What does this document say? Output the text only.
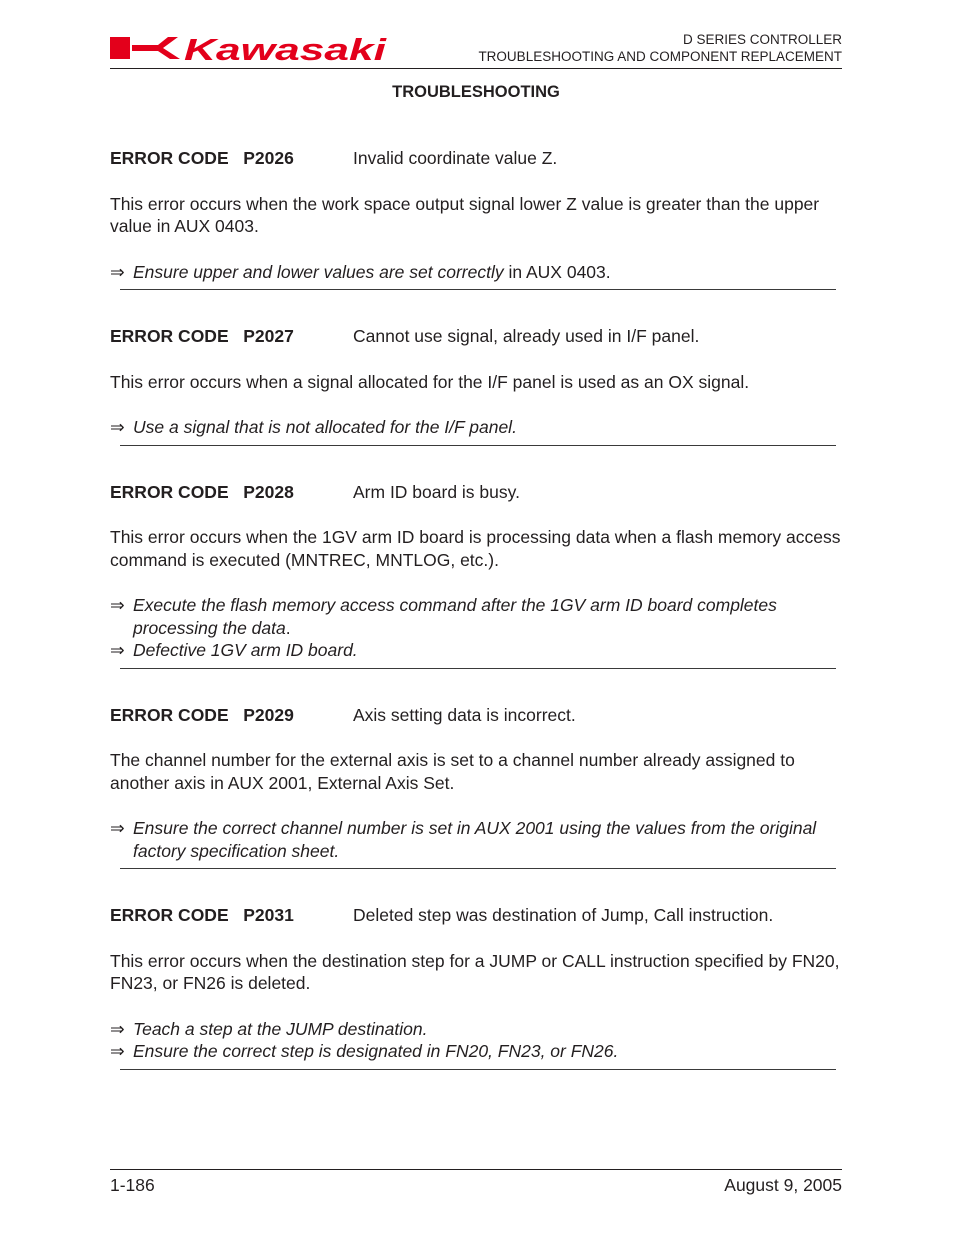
Kawasaki	D SERIES CONTROLLER
TROUBLESHOOTING AND COMPONENT REPLACEMENT
TROUBLESHOOTING
ERROR CODE   P2026	Invalid coordinate value Z.
This error occurs when the work space output signal lower Z value is greater than the upper value in AUX 0403.
⇒ Ensure upper and lower values are set correctly in AUX 0403.
ERROR CODE   P2027	Cannot use signal, already used in I/F panel.
This error occurs when a signal allocated for the I/F panel is used as an OX signal.
⇒ Use a signal that is not allocated for the I/F panel.
ERROR CODE   P2028	Arm ID board is busy.
This error occurs when the 1GV arm ID board is processing data when a flash memory access command is executed (MNTREC, MNTLOG, etc.).
⇒ Execute the flash memory access command after the 1GV arm ID board completes processing the data.
⇒ Defective 1GV arm ID board.
ERROR CODE   P2029	Axis setting data is incorrect.
The channel number for the external axis is set to a channel number already assigned to another axis in AUX 2001, External Axis Set.
⇒ Ensure the correct channel number is set in AUX 2001 using the values from the original factory specification sheet.
ERROR CODE   P2031	Deleted step was destination of Jump, Call instruction.
This error occurs when the destination step for a JUMP or CALL instruction specified by FN20, FN23, or FN26 is deleted.
⇒ Teach a step at the JUMP destination.
⇒ Ensure the correct step is designated in FN20, FN23, or FN26.
1-186	August 9, 2005
